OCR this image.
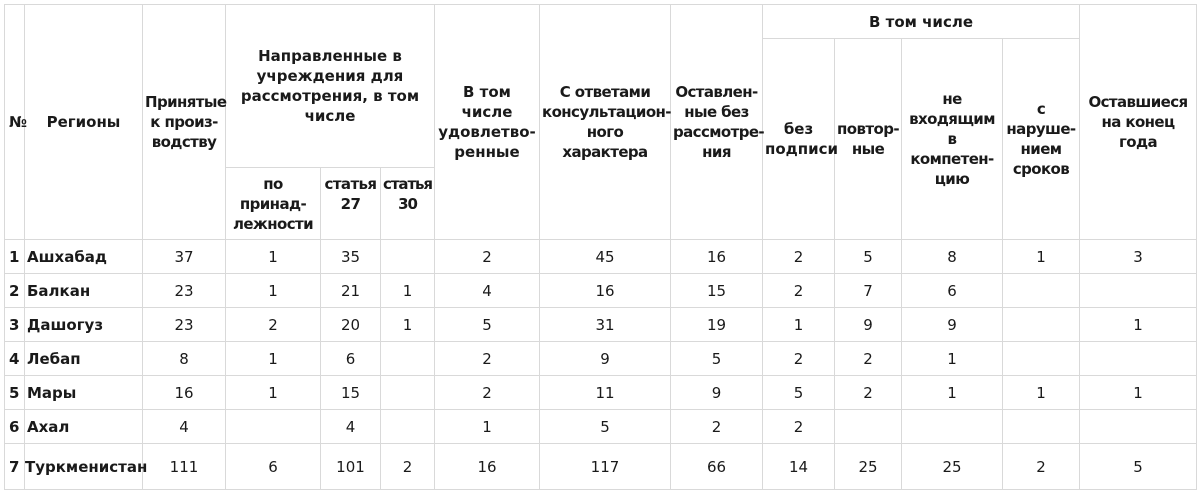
№	Регионы	Принятые к произ-водству	Направленные в учреждения для рассмотрения, в том числе			В том числе удовлетво-ренные	С ответами консультацион-ного характера	Оставлен-ные без рассмотре-ния	В том числе				Оставшиеся на конец года
									без подписи	повтор-ные	не входящим в компетен-цию	с наруше-нием сроков	
			по принад-лежности	статья 27	статья 30								
1	Ашхабад	37	1	35		2	45	16	2	5	8	1	3
2	Балкан	23	1	21	1	4	16	15	2	7	6		
3	Дашогуз	23	2	20	1	5	31	19	1	9	9		1
4	Лебап	8	1	6		2	9	5	2	2	1		
5	Мары	16	1	15		2	11	9	5	2	1	1	1
6	Ахал	4		4		1	5	2	2				
7	Туркменистан	111	6	101	2	16	117	66	14	25	25	2	5
